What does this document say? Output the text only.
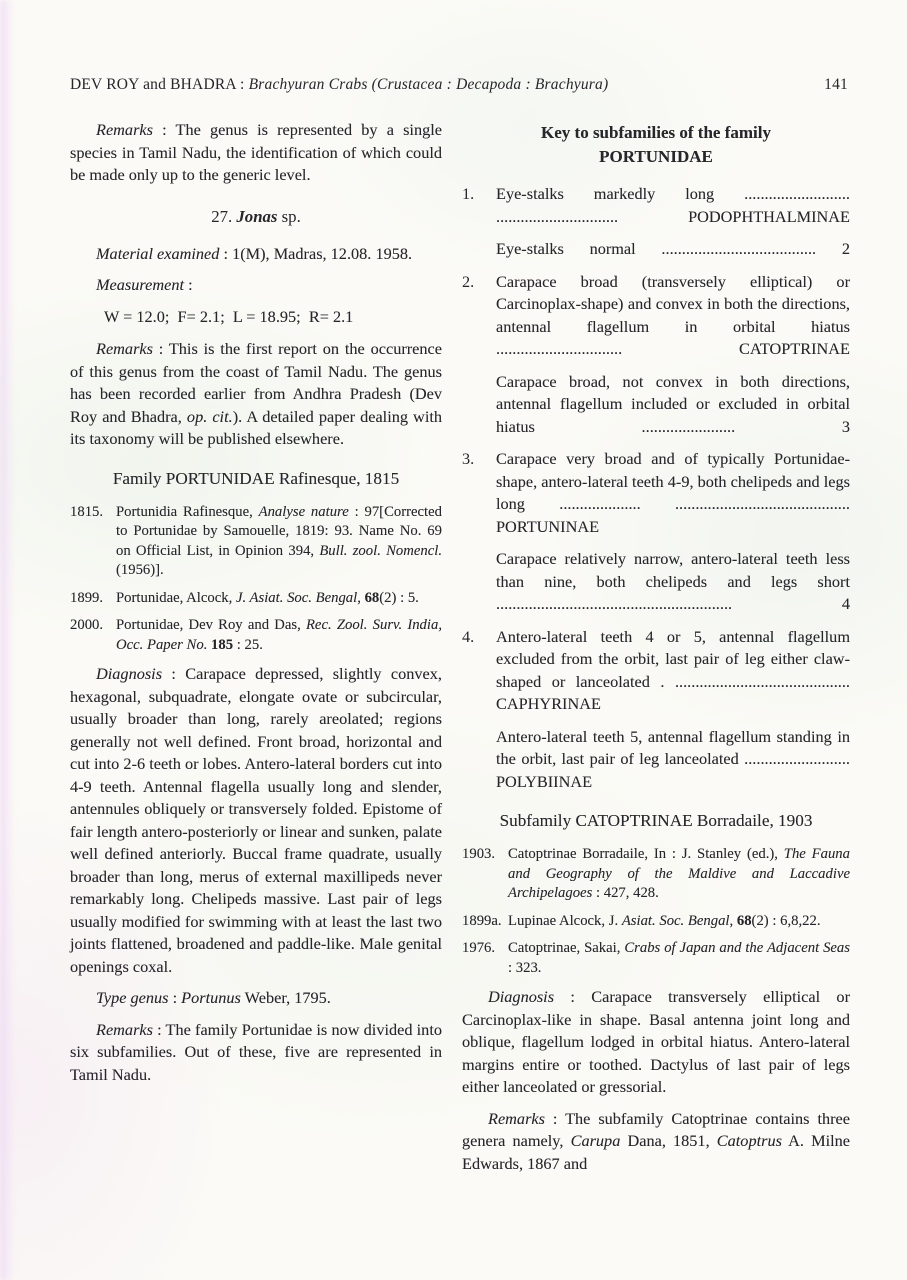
DEV ROY and BHADRA : Brachyuran Crabs (Crustacea : Decapoda : Brachyura)	141

Remarks : The genus is represented by a single species in Tamil Nadu, the identification of which could be made only up to the generic level.

27. Jonas sp.

Material examined : 1(M), Madras, 12.08. 1958.

Measurement :

W = 12.0;  F= 2.1;  L = 18.95;  R= 2.1

Remarks : This is the first report on the occurrence of this genus from the coast of Tamil Nadu. The genus has been recorded earlier from Andhra Pradesh (Dev Roy and Bhadra, op. cit.). A detailed paper dealing with its taxonomy will be published elsewhere.

Family PORTUNIDAE Rafinesque, 1815

1815. Portunidia Rafinesque, Analyse nature : 97[Corrected to Portunidae by Samouelle, 1819: 93. Name No. 69 on Official List, in Opinion 394, Bull. zool. Nomencl. (1956)].

1899. Portunidae, Alcock, J. Asiat. Soc. Bengal, 68(2) : 5.

2000. Portunidae, Dev Roy and Das, Rec. Zool. Surv. India, Occ. Paper No. 185 : 25.

Diagnosis : Carapace depressed, slightly convex, hexagonal, subquadrate, elongate ovate or subcircular, usually broader than long, rarely areolated; regions generally not well defined. Front broad, horizontal and cut into 2-6 teeth or lobes. Antero-lateral borders cut into 4-9 teeth. Antennal flagella usually long and slender, antennules obliquely or transversely folded. Epistome of fair length antero-posteriorly or linear and sunken, palate well defined anteriorly. Buccal frame quadrate, usually broader than long, merus of external maxillipeds never remarkably long. Chelipeds massive. Last pair of legs usually modified for swimming with at least the last two joints flattened, broadened and paddle-like. Male genital openings coxal.

Type genus : Portunus Weber, 1795.

Remarks : The family Portunidae is now divided into six subfamilies. Out of these, five are represented in Tamil Nadu.

Key to subfamilies of the family
PORTUNIDAE
1. Eye-stalks markedly long .......................... .............................. PODOPHTHALMINAE

Eye-stalks normal ...................................... 2

2. Carapace broad (transversely elliptical) or Carcinoplax-shape) and convex in both the directions, antennal flagellum in orbital hiatus ............................... CATOPTRINAE

Carapace broad, not convex in both directions, antennal flagellum included or excluded in orbital hiatus ....................... 3

3. Carapace very broad and of typically Portunidae-shape, antero-lateral teeth 4-9, both chelipeds and legs long .................... ........................................... PORTUNINAE

Carapace relatively narrow, antero-lateral teeth less than nine, both chelipeds and legs short .......................................................... 4

4. Antero-lateral teeth 4 or 5, antennal flagellum excluded from the orbit, last pair of leg either claw-shaped or lanceolated . ........................................... CAPHYRINAE

Antero-lateral teeth 5, antennal flagellum standing in the orbit, last pair of leg lanceolated .......................... POLYBIINAE

Subfamily CATOPTRINAE Borradaile, 1903

1903. Catoptrinae Borradaile, In : J. Stanley (ed.), The Fauna and Geography of the Maldive and Laccadive Archipelagoes : 427, 428.

1899a. Lupinae Alcock, J. Asiat. Soc. Bengal, 68(2) : 6,8,22.

1976. Catoptrinae, Sakai, Crabs of Japan and the Adjacent Seas : 323.

Diagnosis : Carapace transversely elliptical or Carcinoplax-like in shape. Basal antenna joint long and oblique, flagellum lodged in orbital hiatus. Antero-lateral margins entire or toothed. Dactylus of last pair of legs either lanceolated or gressorial.

Remarks : The subfamily Catoptrinae contains three genera namely, Carupa Dana, 1851, Catoptrus A. Milne Edwards, 1867 and
